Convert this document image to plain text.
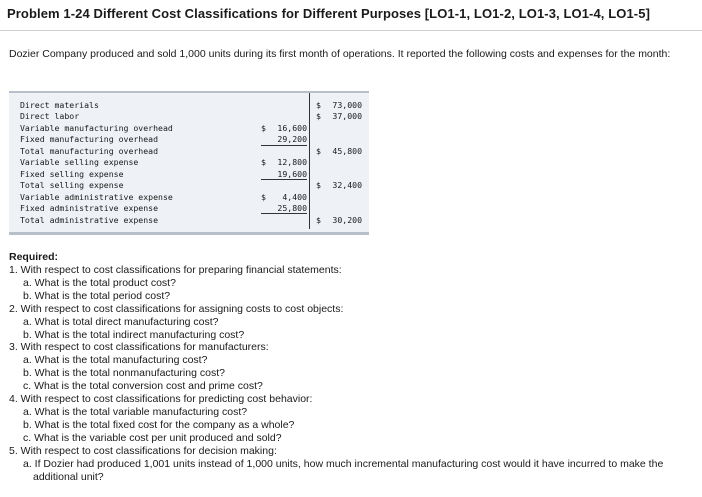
Problem 1-24 Different Cost Classifications for Different Purposes [LO1-1, LO1-2, LO1-3, LO1-4, LO1-5]
Dozier Company produced and sold 1,000 units during its first month of operations. It reported the following costs and expenses for the month:
Direct materials	$ 73,000
Direct labor	$ 37,000
Variable manufacturing overhead	$ 16,600
Fixed manufacturing overhead	29,200
Total manufacturing overhead	$ 45,800
Variable selling expense	$ 12,800
Fixed selling expense	19,600
Total selling expense	$ 32,400
Variable administrative expense	$ 4,400
Fixed administrative expense	25,800
Total administrative expense	$ 30,200
Required:
1. With respect to cost classifications for preparing financial statements:
a. What is the total product cost?
b. What is the total period cost?
2. With respect to cost classifications for assigning costs to cost objects:
a. What is total direct manufacturing cost?
b. What is the total indirect manufacturing cost?
3. With respect to cost classifications for manufacturers:
a. What is the total manufacturing cost?
b. What is the total nonmanufacturing cost?
c. What is the total conversion cost and prime cost?
4. With respect to cost classifications for predicting cost behavior:
a. What is the total variable manufacturing cost?
b. What is the total fixed cost for the company as a whole?
c. What is the variable cost per unit produced and sold?
5. With respect to cost classifications for decision making:
a. If Dozier had produced 1,001 units instead of 1,000 units, how much incremental manufacturing cost would it have incurred to make the additional unit?
